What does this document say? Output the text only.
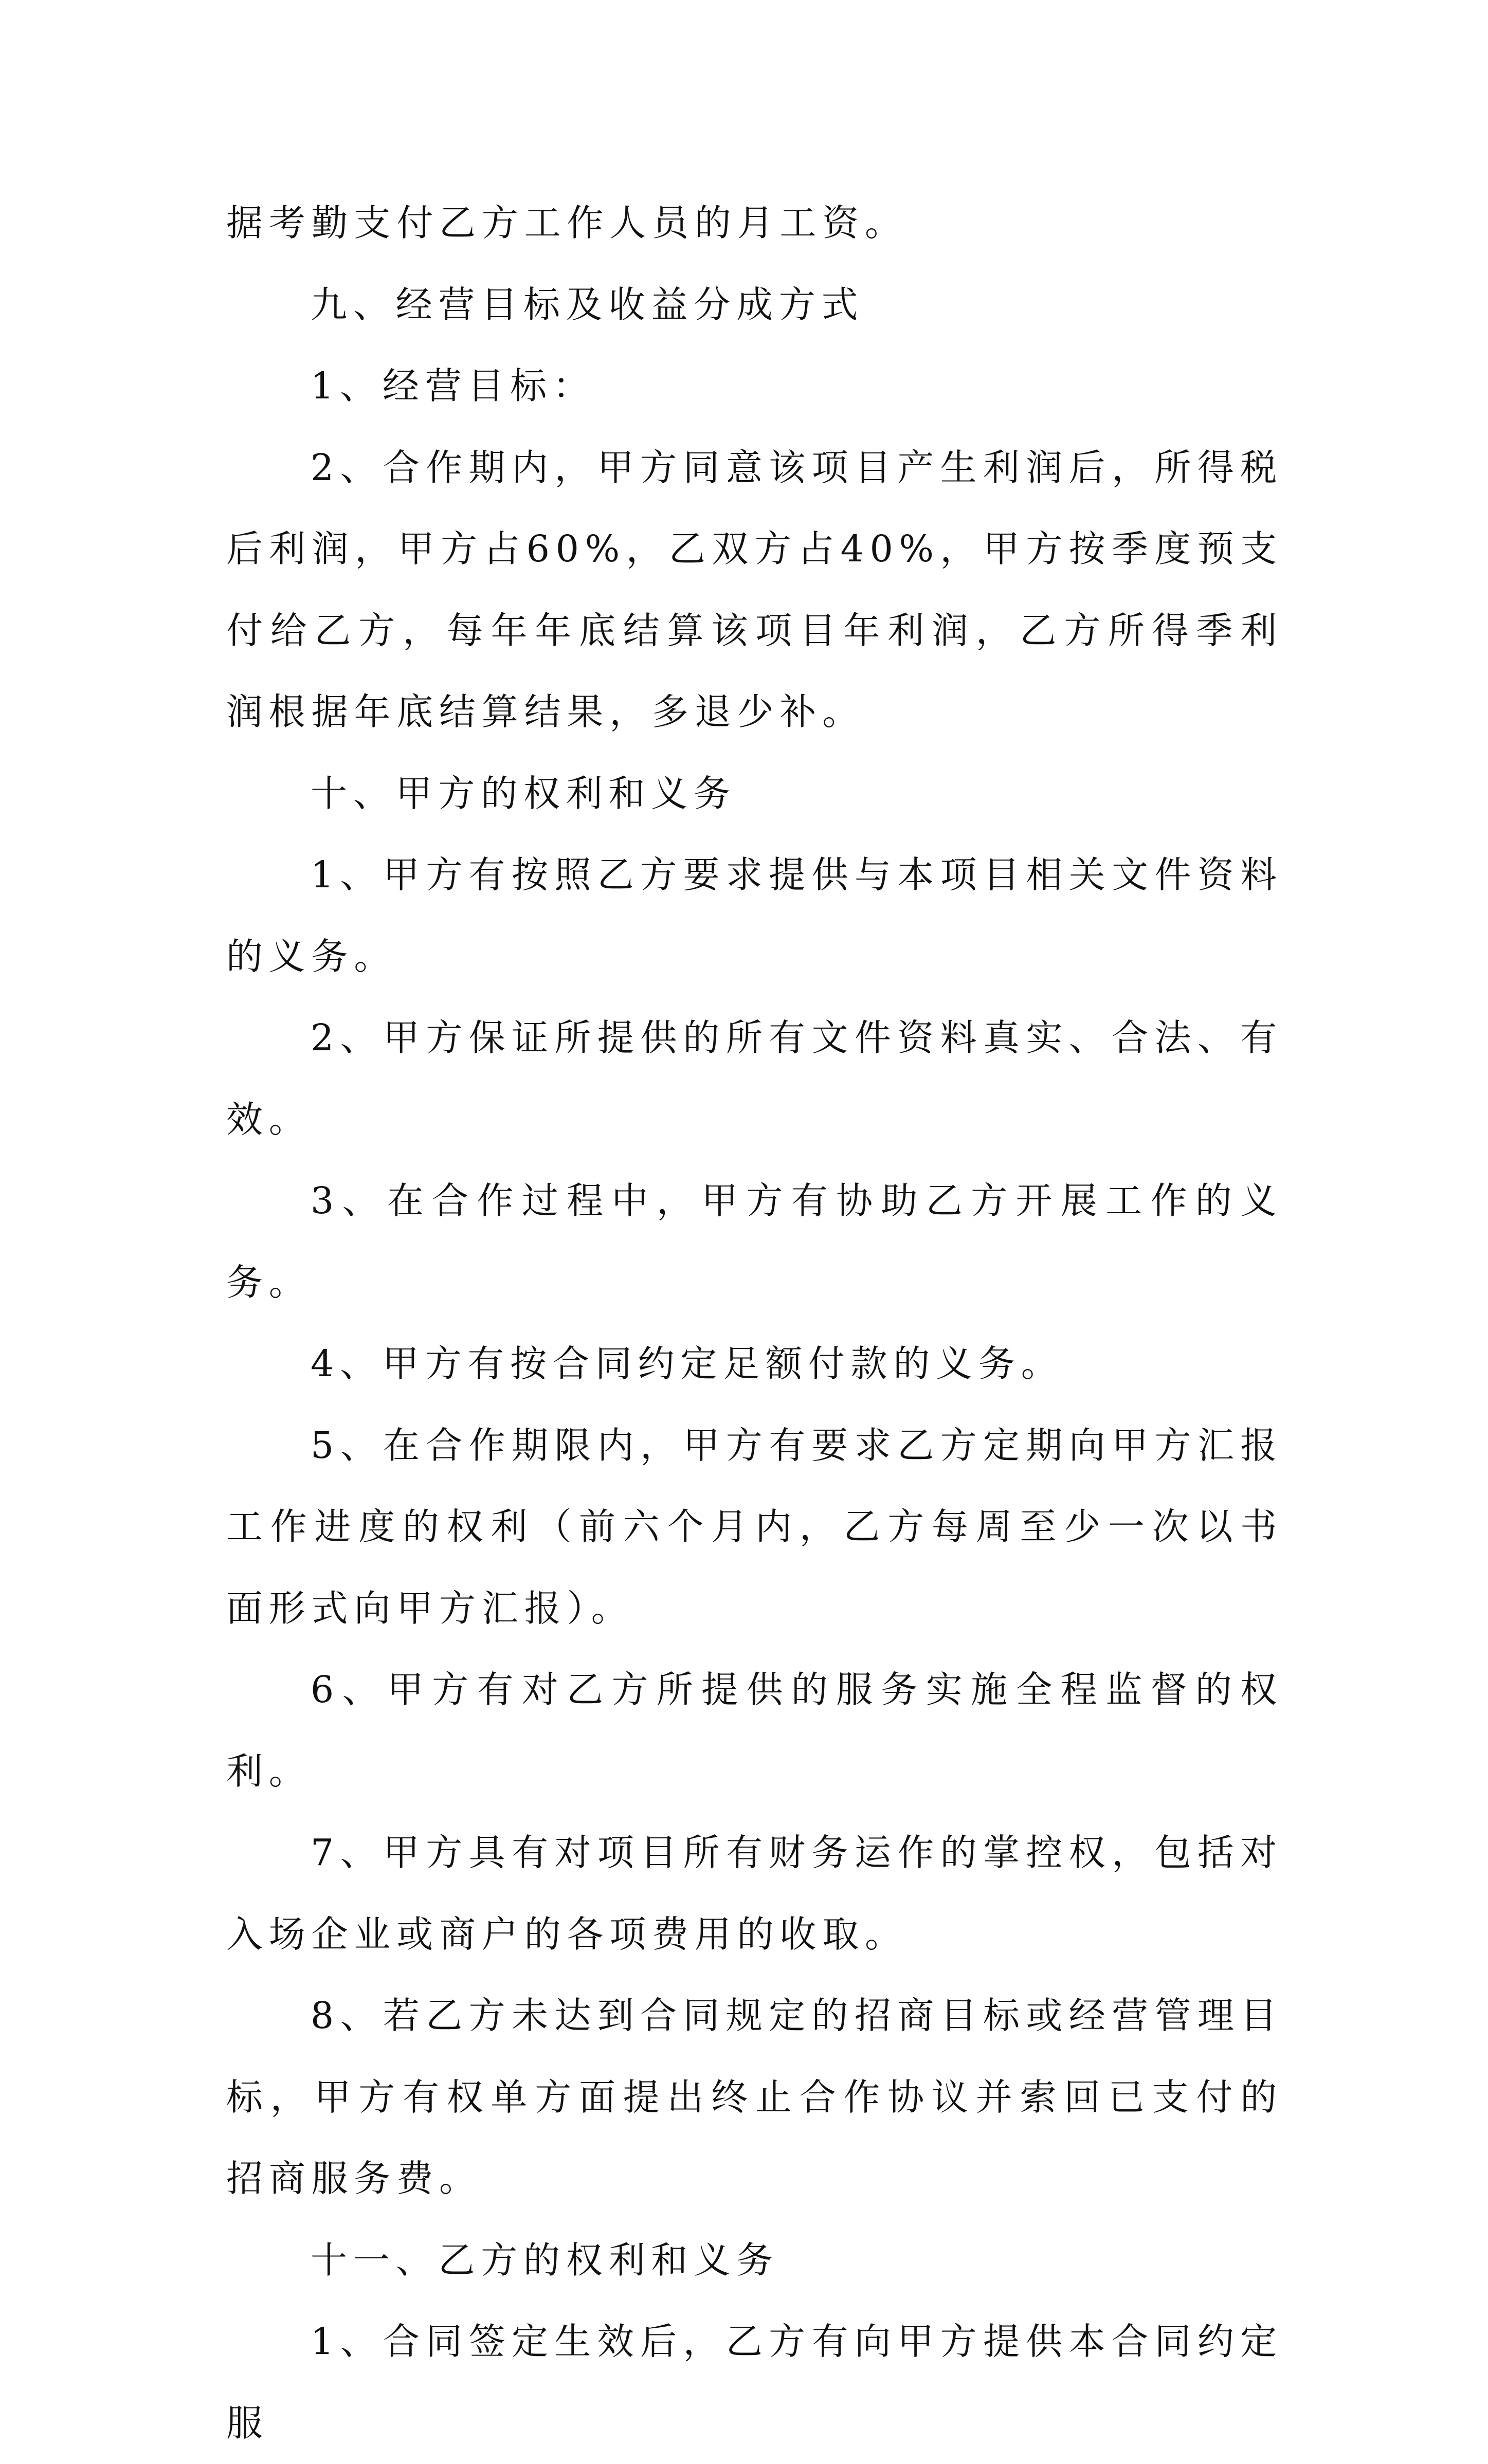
据考勤支付乙方工作人员的月工资。

九、经营目标及收益分成方式

1、经营目标：

2、合作期内，甲方同意该项目产生利润后，所得税后利润，甲方占60%，乙双方占40%，甲方按季度预支付给乙方，每年年底结算该项目年利润，乙方所得季利润根据年底结算结果，多退少补。

十、甲方的权利和义务

1、甲方有按照乙方要求提供与本项目相关文件资料的义务。

2、甲方保证所提供的所有文件资料真实、合法、有效。

3、在合作过程中，甲方有协助乙方开展工作的义务。

4、甲方有按合同约定足额付款的义务。

5、在合作期限内，甲方有要求乙方定期向甲方汇报工作进度的权利（前六个月内，乙方每周至少一次以书面形式向甲方汇报）。

6、甲方有对乙方所提供的服务实施全程监督的权利。

7、甲方具有对项目所有财务运作的掌控权，包括对入场企业或商户的各项费用的收取。

8、若乙方未达到合同规定的招商目标或经营管理目标，甲方有权单方面提出终止合作协议并索回已支付的招商服务费。

十一、乙方的权利和义务

1、合同签定生效后，乙方有向甲方提供本合同约定服
